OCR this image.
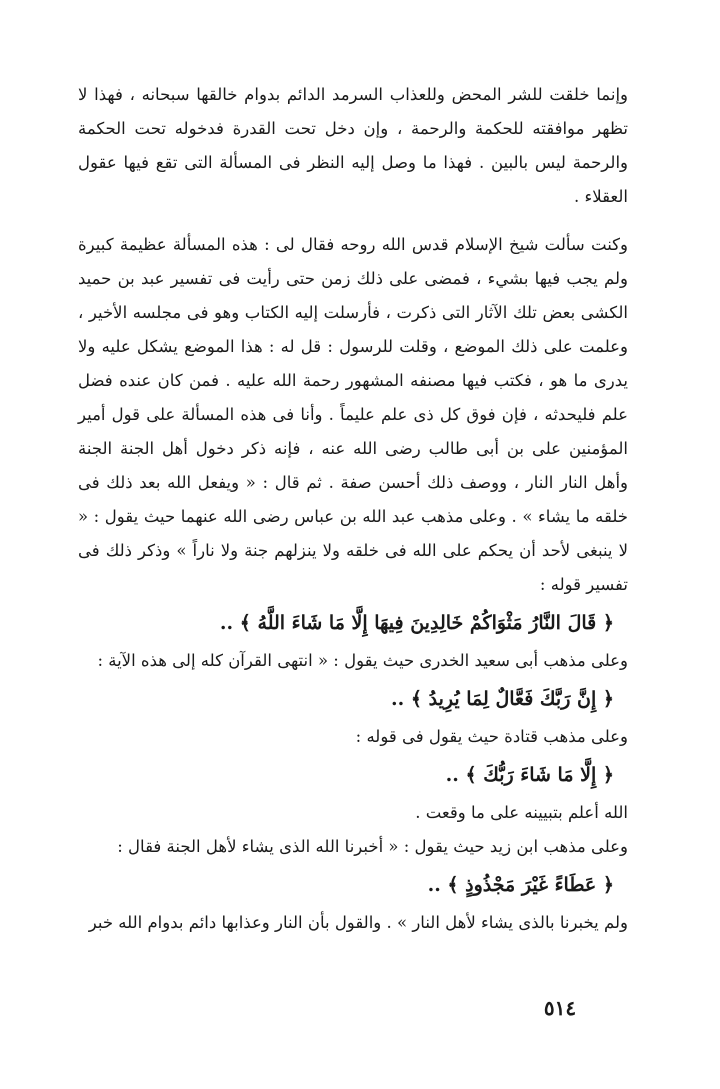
وإنما خلقت للشر المحض وللعذاب السرمد الدائم بدوام خالقها سبحانه ، فهذا لا تظهر موافقته للحكمة والرحمة ، وإن دخل تحت القدرة فدخوله تحت الحكمة والرحمة ليس بالبين . فهذا ما وصل إليه النظر فى المسألة التى تقع فيها عقول العقلاء .

وكنت سألت شيخ الإسلام قدس الله روحه فقال لى : هذه المسألة عظيمة كبيرة ولم يجب فيها بشيء ، فمضى على ذلك زمن حتى رأيت فى تفسير عبد بن حميد الكشى بعض تلك الآثار التى ذكرت ، فأرسلت إليه الكتاب وهو فى مجلسه الأخير ، وعلمت على ذلك الموضع ، وقلت للرسول : قل له : هذا الموضع يشكل عليه ولا يدرى ما هو ، فكتب فيها مصنفه المشهور رحمة الله عليه . فمن كان عنده فضل علم فليحدثه ، فإن فوق كل ذى علم عليماً . وأنا فى هذه المسألة على قول أمير المؤمنين على بن أبى طالب رضى الله عنه ، فإنه ذكر دخول أهل الجنة الجنة وأهل النار النار ، ووصف ذلك أحسن صفة . ثم قال : « ويفعل الله بعد ذلك فى خلقه ما يشاء » . وعلى مذهب عبد الله بن عباس رضى الله عنهما حيث يقول : « لا ينبغى لأحد أن يحكم على الله فى خلقه ولا ينزلهم جنة ولا ناراً » وذكر ذلك فى تفسير قوله :

﴿ قَالَ النَّارُ مَثْوَاكُمْ خَالِدِينَ فِيهَا إِلَّا مَا شَاءَ اللَّهُ ﴾ ..

وعلى مذهب أبى سعيد الخدرى حيث يقول : « انتهى القرآن كله إلى هذه الآية :

﴿ إِنَّ رَبَّكَ فَعَّالٌ لِمَا يُرِيدُ ﴾ ..

وعلى مذهب قتادة حيث يقول فى قوله :

﴿ إِلَّا مَا شَاءَ رَبُّكَ ﴾ ..

الله أعلم بتبيينه على ما وقعت .

وعلى مذهب ابن زيد حيث يقول : « أخبرنا الله الذى يشاء لأهل الجنة فقال :

﴿ عَطَاءً غَيْرَ مَجْذُوذٍ ﴾ ..

ولم يخبرنا بالذى يشاء لأهل النار » . والقول بأن النار وعذابها دائم بدوام الله خبر

٥١٤
